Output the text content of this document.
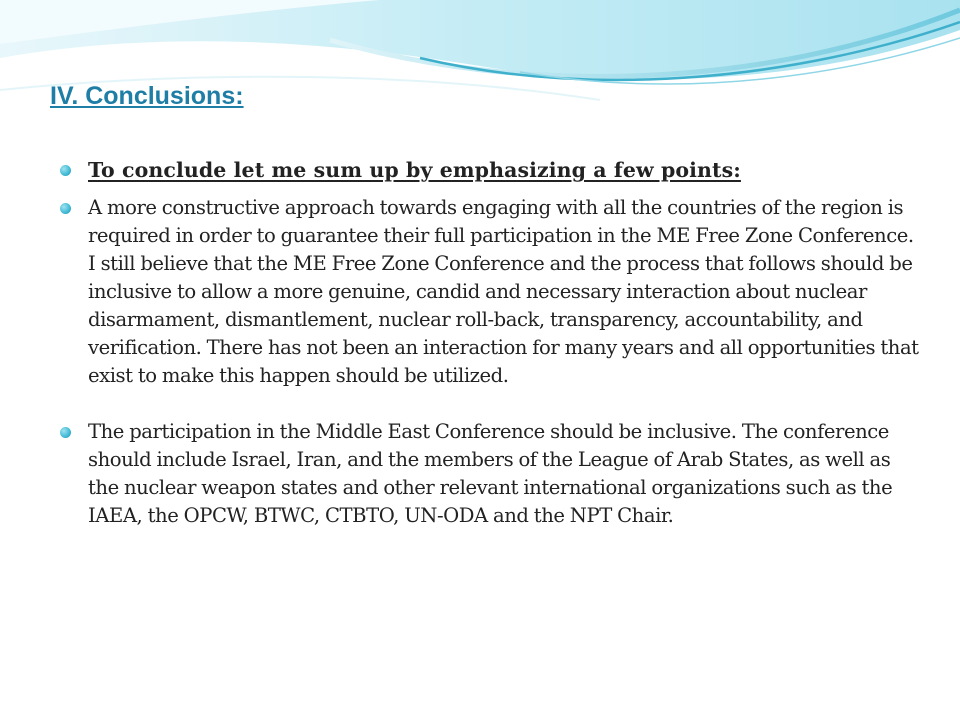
IV. Conclusions:
To conclude let me sum up by emphasizing a few points:
A more constructive approach towards engaging with all the countries of the region is required in order to guarantee their full participation in the ME Free Zone Conference. I still believe that the ME Free Zone Conference and the process that follows should be inclusive to allow a more genuine, candid and necessary interaction about nuclear disarmament, dismantlement, nuclear roll-back, transparency, accountability, and verification. There has not been an interaction for many years and all opportunities that exist to make this happen should be utilized.
The participation in the Middle East Conference should be inclusive. The conference should include Israel, Iran, and the members of the League of Arab States, as well as the nuclear weapon states and other relevant international organizations such as the IAEA, the OPCW, BTWC, CTBTO, UN-ODA and the NPT Chair.
